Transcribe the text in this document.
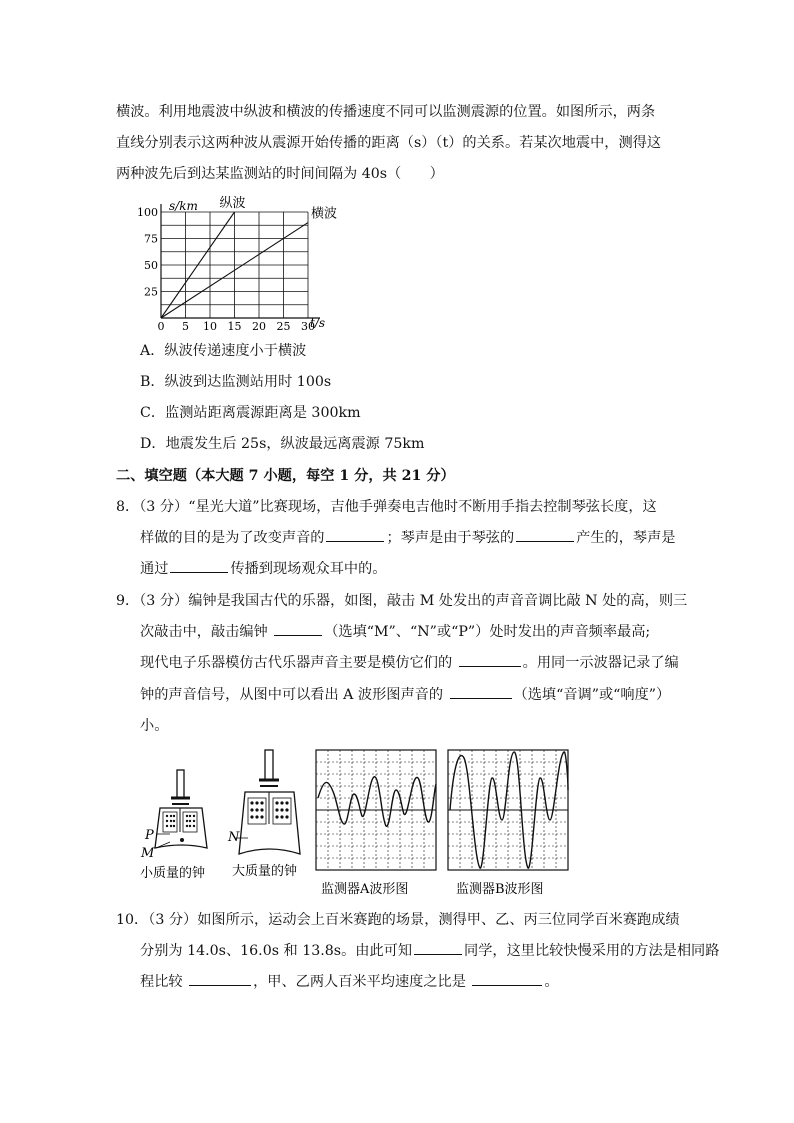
横波。利用地震波中纵波和横波的传播速度不同可以监测震源的位置。如图所示，两条
直线分别表示这两种波从震源开始传播的距离（s）（t）的关系。若某次地震中，测得这
两种波先后到达某监测站的时间间隔为 40s（　　）
0 5 10 15 20 25 30
25
50
75
100
纵波
横波
s/km
t/s
A．纵波传递速度小于横波
B．纵波到达监测站用时 100s
C．监测站距离震源距离是 300km
D．地震发生后 25s，纵波最远离震源 75km
二、填空题（本大题 7 小题，每空 1 分，共 21 分）
8．（3 分）“星光大道”比赛现场，吉他手弹奏电吉他时不断用手指去控制琴弦长度，这
样做的目的是为了改变声音的	；琴声是由于琴弦的	产生的，琴声是
通过	传播到现场观众耳中的。
9．（3 分）编钟是我国古代的乐器，如图，敲击 M 处发出的声音音调比敲 N 处的高，则三
次敲击中，敲击编钟	（选填“M”、“N”或“P”）处时发出的声音频率最高;
现代电子乐器模仿古代乐器声音主要是模仿它们的	。用同一示波器记录了编
钟的声音信号，从图中可以看出 A 波形图声音的	（选填“音调”或“响度”）
小。
P
M
小质量的钟
N
大质量的钟
监测器A波形图	监测器B波形图
10．（3 分）如图所示，运动会上百米赛跑的场景，测得甲、乙、丙三位同学百米赛跑成绩
分别为 14.0s、16.0s 和 13.8s。由此可知	同学，这里比较快慢采用的方法是相同路
程比较	，甲、乙两人百米平均速度之比是	。
